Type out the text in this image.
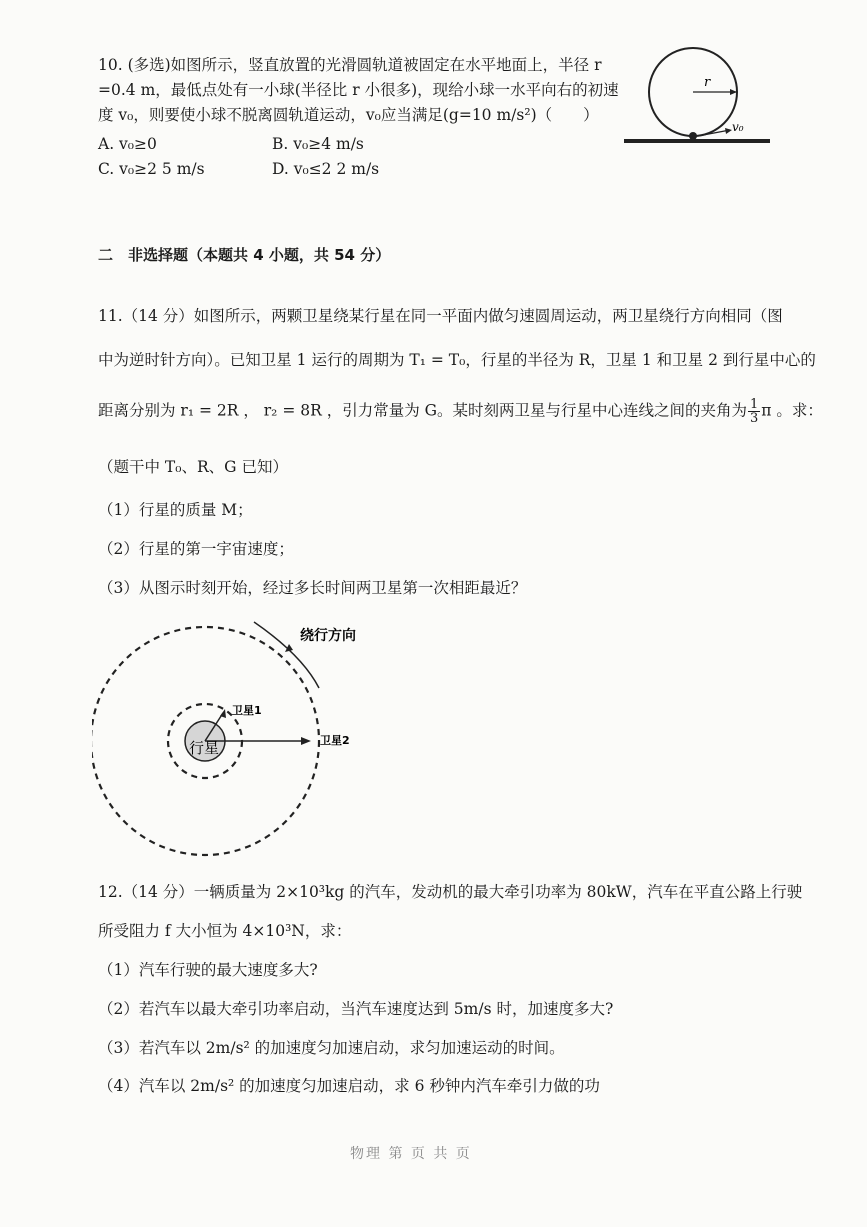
10. (多选)如图所示，竖直放置的光滑圆轨道被固定在水平地面上，半径 r
=0.4 m，最低点处有一小球(半径比 r 小很多)，现给小球一水平向右的初速
度 v₀，则要使小球不脱离圆轨道运动，v₀应当满足(g=10 m/s²)（　　）
A. v₀≥0	B. v₀≥4 m/s
C. v₀≥2 5 m/s	D. v₀≤2 2 m/s
r
v₀
二　非选择题（本题共 4 小题，共 54 分）
11.（14 分）如图所示，两颗卫星绕某行星在同一平面内做匀速圆周运动，两卫星绕行方向相同（图
中为逆时针方向）。已知卫星 1 运行的周期为 T₁ = T₀，行星的半径为 R，卫星 1 和卫星 2 到行星中心的
距离分别为 r₁ = 2R ， r₂ = 8R ，引力常量为 G。某时刻两卫星与行星中心连线之间的夹角为 $\frac{1}{3}$ π 。求：
（题干中 T₀、R、G 已知）
（1）行星的质量 M；
（2）行星的第一宇宙速度；
（3）从图示时刻开始，经过多长时间两卫星第一次相距最近？
绕行方向
卫星1
卫星2
行星
12.（14 分）一辆质量为 2×10³kg 的汽车，发动机的最大牵引功率为 80kW，汽车在平直公路上行驶
所受阻力 f 大小恒为 4×10³N，求：
（1）汽车行驶的最大速度多大?
（2）若汽车以最大牵引功率启动，当汽车速度达到 5m/s 时，加速度多大?
（3）若汽车以 2m/s² 的加速度匀加速启动，求匀加速运动的时间。
（4）汽车以 2m/s² 的加速度匀加速启动，求 6 秒钟内汽车牵引力做的功
物理 第 页 共 页
